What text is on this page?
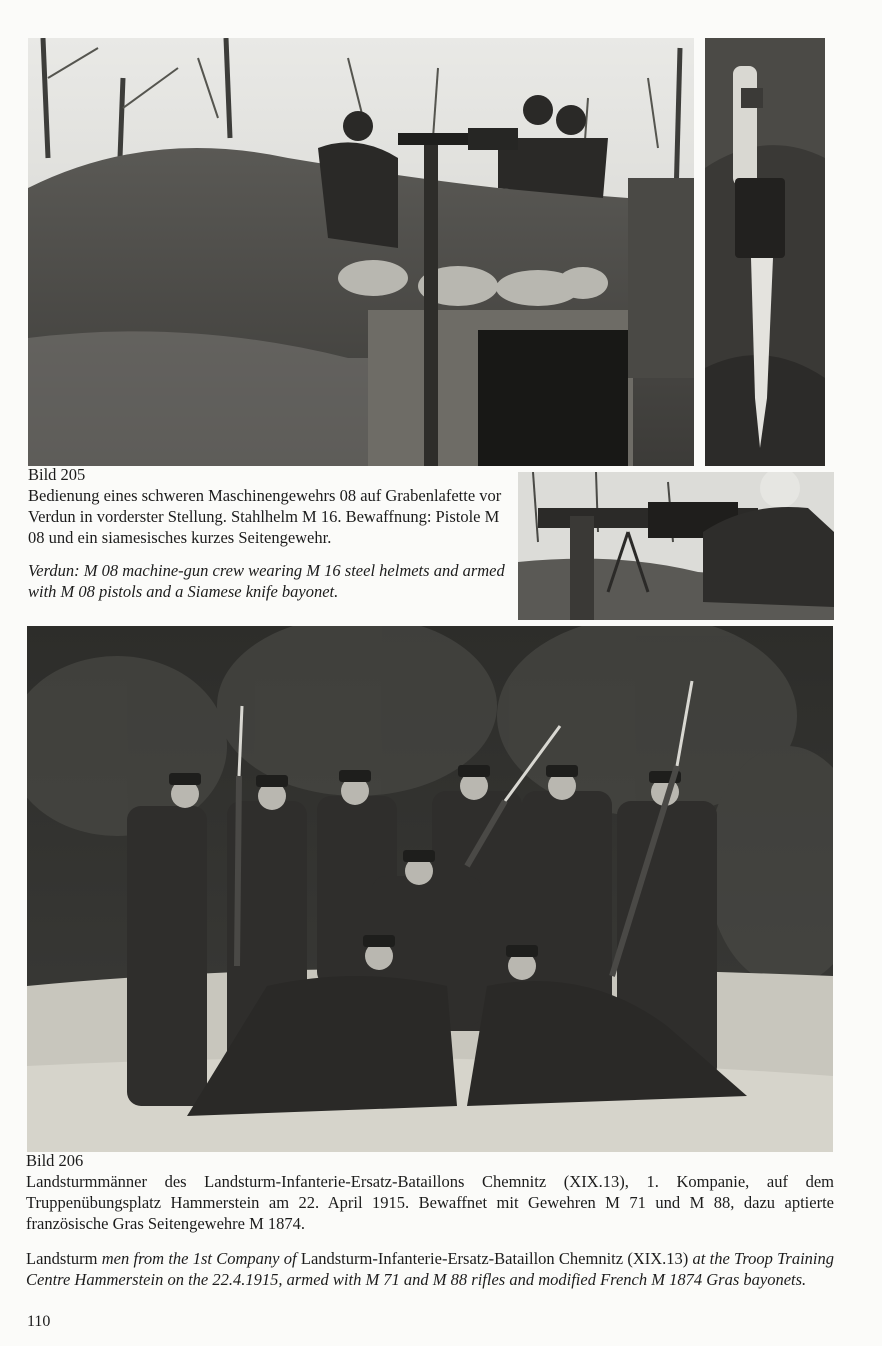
Bild 205
Bedienung eines schweren Maschinengewehrs 08 auf Grabenlafette vor Verdun in vorderster Stellung. Stahlhelm M 16. Bewaffnung: Pistole M 08 und ein siamesisches kurzes Seitengewehr.
Verdun: M 08 machine-gun crew wearing M 16 steel helmets and armed with M 08 pistols and a Siamese knife bayonet.
Bild 206
Landsturmmänner des Landsturm-Infanterie-Ersatz-Bataillons Chemnitz (XIX.13), 1. Kompanie, auf dem Truppenübungsplatz Hammerstein am 22. April 1915. Bewaffnet mit Gewehren M 71 und M 88, dazu aptierte französische Gras Seitengewehre M 1874.
Landsturm men from the 1st Company of Landsturm-Infanterie-Ersatz-Bataillon Chemnitz (XIX.13) at the Troop Training Centre Hammerstein on the 22.4.1915, armed with M 71 and M 88 rifles and modified French M 1874 Gras bayonets.
110
